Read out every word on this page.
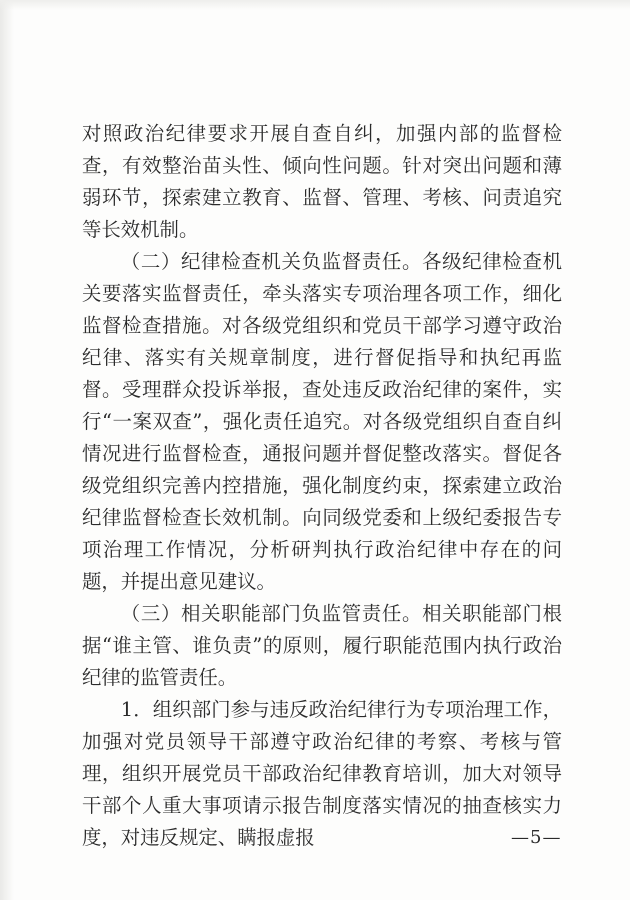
对照政治纪律要求开展自查自纠，加强内部的监督检查，有效整治苗头性、倾向性问题。针对突出问题和薄弱环节，探索建立教育、监督、管理、考核、问责追究等长效机制。

（二）纪律检查机关负监督责任。各级纪律检查机关要落实监督责任，牵头落实专项治理各项工作，细化监督检查措施。对各级党组织和党员干部学习遵守政治纪律、落实有关规章制度，进行督促指导和执纪再监督。受理群众投诉举报，查处违反政治纪律的案件，实行“一案双查”，强化责任追究。对各级党组织自查自纠情况进行监督检查，通报问题并督促整改落实。督促各级党组织完善内控措施，强化制度约束，探索建立政治纪律监督检查长效机制。向同级党委和上级纪委报告专项治理工作情况，分析研判执行政治纪律中存在的问题，并提出意见建议。

（三）相关职能部门负监管责任。相关职能部门根据“谁主管、谁负责”的原则，履行职能范围内执行政治纪律的监管责任。

1．组织部门参与违反政治纪律行为专项治理工作，加强对党员领导干部遵守政治纪律的考察、考核与管理，组织开展党员干部政治纪律教育培训，加大对领导干部个人重大事项请示报告制度落实情况的抽查核实力度，对违反规定、瞒报虚报	—5—
